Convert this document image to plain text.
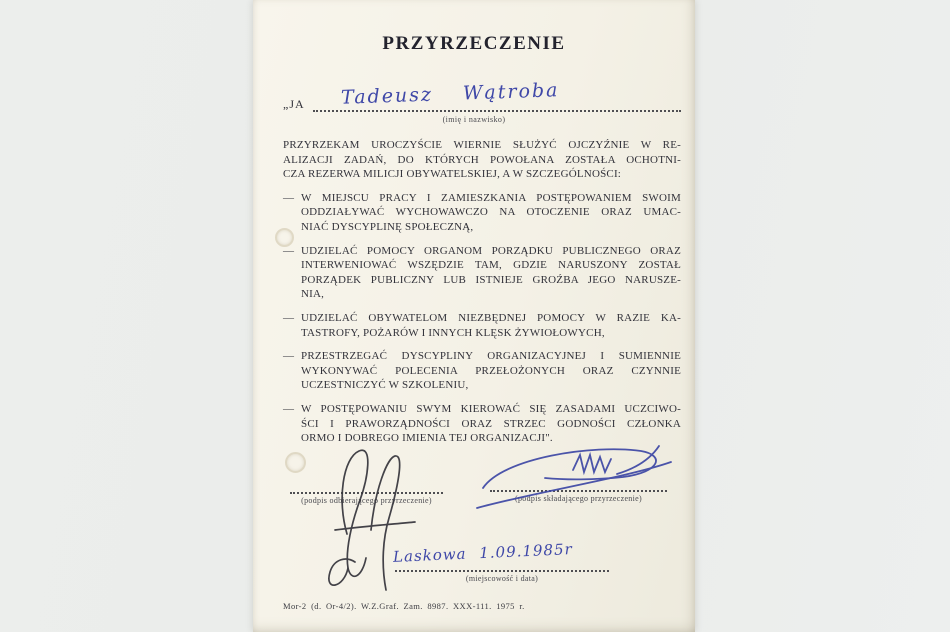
PRZYRZECZENIE
„JA	Tadeusz Wątroba
(imię i nazwisko)
PRZYRZEKAM UROCZYŚCIE WIERNIE SŁUŻYĆ OJCZYŹNIE W RE-
ALIZACJI ZADAŃ, DO KTÓRYCH POWOŁANA ZOSTAŁA OCHOTNI-
CZA REZERWA MILICJI OBYWATELSKIEJ, A W SZCZEGÓLNOŚCI:
— W MIEJSCU PRACY I ZAMIESZKANIA POSTĘPOWANIEM SWOIM
ODDZIAŁYWAĆ WYCHOWAWCZO NA OTOCZENIE ORAZ UMAC-
NIAĆ DYSCYPLINĘ SPOŁECZNĄ,
— UDZIELAĆ POMOCY ORGANOM PORZĄDKU PUBLICZNEGO ORAZ
INTERWENIOWAĆ WSZĘDZIE TAM, GDZIE NARUSZONY ZOSTAŁ
PORZĄDEK PUBLICZNY LUB ISTNIEJE GROŹBA JEGO NARUSZE-
NIA,
— UDZIELAĆ OBYWATELOM NIEZBĘDNEJ POMOCY W RAZIE KA-
TASTROFY, POŻARÓW I INNYCH KLĘSK ŻYWIOŁOWYCH,
— PRZESTRZEGAĆ DYSCYPLINY ORGANIZACYJNEJ I SUMIENNIE
WYKONYWAĆ POLECENIA PRZEŁOŻONYCH ORAZ CZYNNIE
UCZESTNICZYĆ W SZKOLENIU,
— W POSTĘPOWANIU SWYM KIEROWAĆ SIĘ ZASADAMI UCZCIWO-
ŚCI I PRAWORZĄDNOŚCI ORAZ STRZEC GODNOŚCI CZŁONKA
ORMO I DOBREGO IMIENIA TEJ ORGANIZACJI".
(podpis odbierającego przyrzeczenie)	(podpis składającego przyrzeczenie)
Laskowa 1.09.1985r
(miejscowość i data)
Mor-2 (d. Or-4/2). W.Z.Graf. Zam. 8987. XXX-111. 1975 r.
